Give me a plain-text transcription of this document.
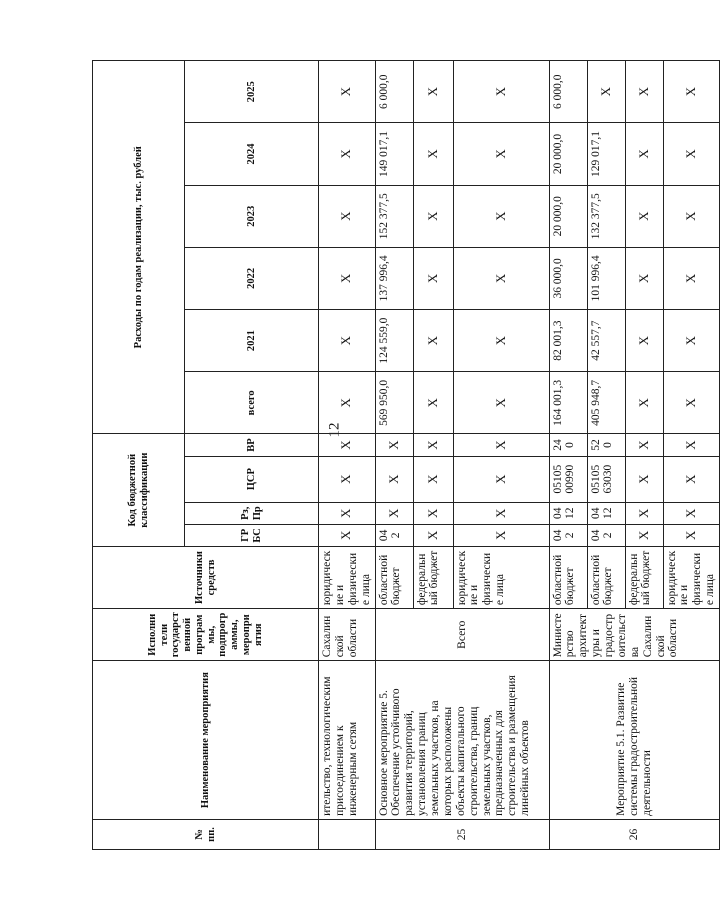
12
№ пп.	Наименование мероприятия	Исполнители государственной программы, подпрограммы, мероприятия	Источники средств	Код бюджетной классификации				Расходы по годам реализации, тыс. рублей					
				ГРБС	Рз, Пр	ЦСР	ВР	всего	2021	2022	2023	2024	2025

	ительство, технологическим присоединением к инженерным сетям	Сахалинской области	юридические и физические лица	Х	Х	Х	Х	Х	Х	Х	Х	Х	Х
25	Основное мероприятие 5. Обеспечение устойчивого развития территорий, установления границ земельных участков, на которых расположены объекты капитального строительства, границ земельных участков, предназначенных для строительства и размещения линейных объектов	Всего	областной бюджет	04 2	Х	Х	Х	569 950,0	124 559,0	137 996,4	152 377,5	149 017,1	6 000,0
			федеральный бюджет	Х	Х	Х	Х	Х	Х	Х	Х	Х	Х
			юридические и физические лица	Х	Х	Х	Х	Х	Х	Х	Х	Х	Х
26	Мероприятие 5.1. Развитие системы градостроительной деятельности	Министерство архитектуры и градостроительства Сахалинской области	областной бюджет	04 2	04 12	05105 00990	24 0	164 001,3	82 001,3	36 000,0	20 000,0	20 000,0	6 000,0
			областной бюджет	04 2	04 12	05105 63030	52 0	405 948,7	42 557,7	101 996,4	132 377,5	129 017,1	Х
			федеральный бюджет	Х	Х	Х	Х	Х	Х	Х	Х	Х	Х
			юридические и физические лица	Х	Х	Х	Х	Х	Х	Х	Х	Х	Х
